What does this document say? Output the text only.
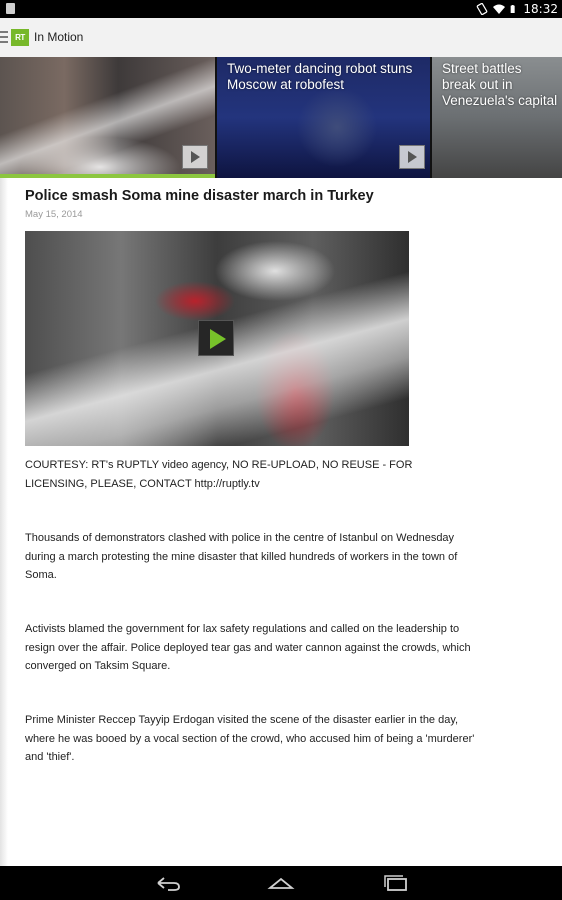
18:32
RT In Motion
Two-meter dancing robot stuns Moscow at robofest
Street battles break out in Venezuela's capital
Police smash Soma mine disaster march in Turkey
May 15, 2014
COURTESY: RT's RUPTLY video agency, NO RE-UPLOAD, NO REUSE - FOR LICENSING, PLEASE, CONTACT http://ruptly.tv
Thousands of demonstrators clashed with police in the centre of Istanbul on Wednesday during a march protesting the mine disaster that killed hundreds of workers in the town of Soma.
Activists blamed the government for lax safety regulations and called on the leadership to resign over the affair. Police deployed tear gas and water cannon against the crowds, which converged on Taksim Square.
Prime Minister Reccep Tayyip Erdogan visited the scene of the disaster earlier in the day, where he was booed by a vocal section of the crowd, who accused him of being a 'murderer' and 'thief'.
